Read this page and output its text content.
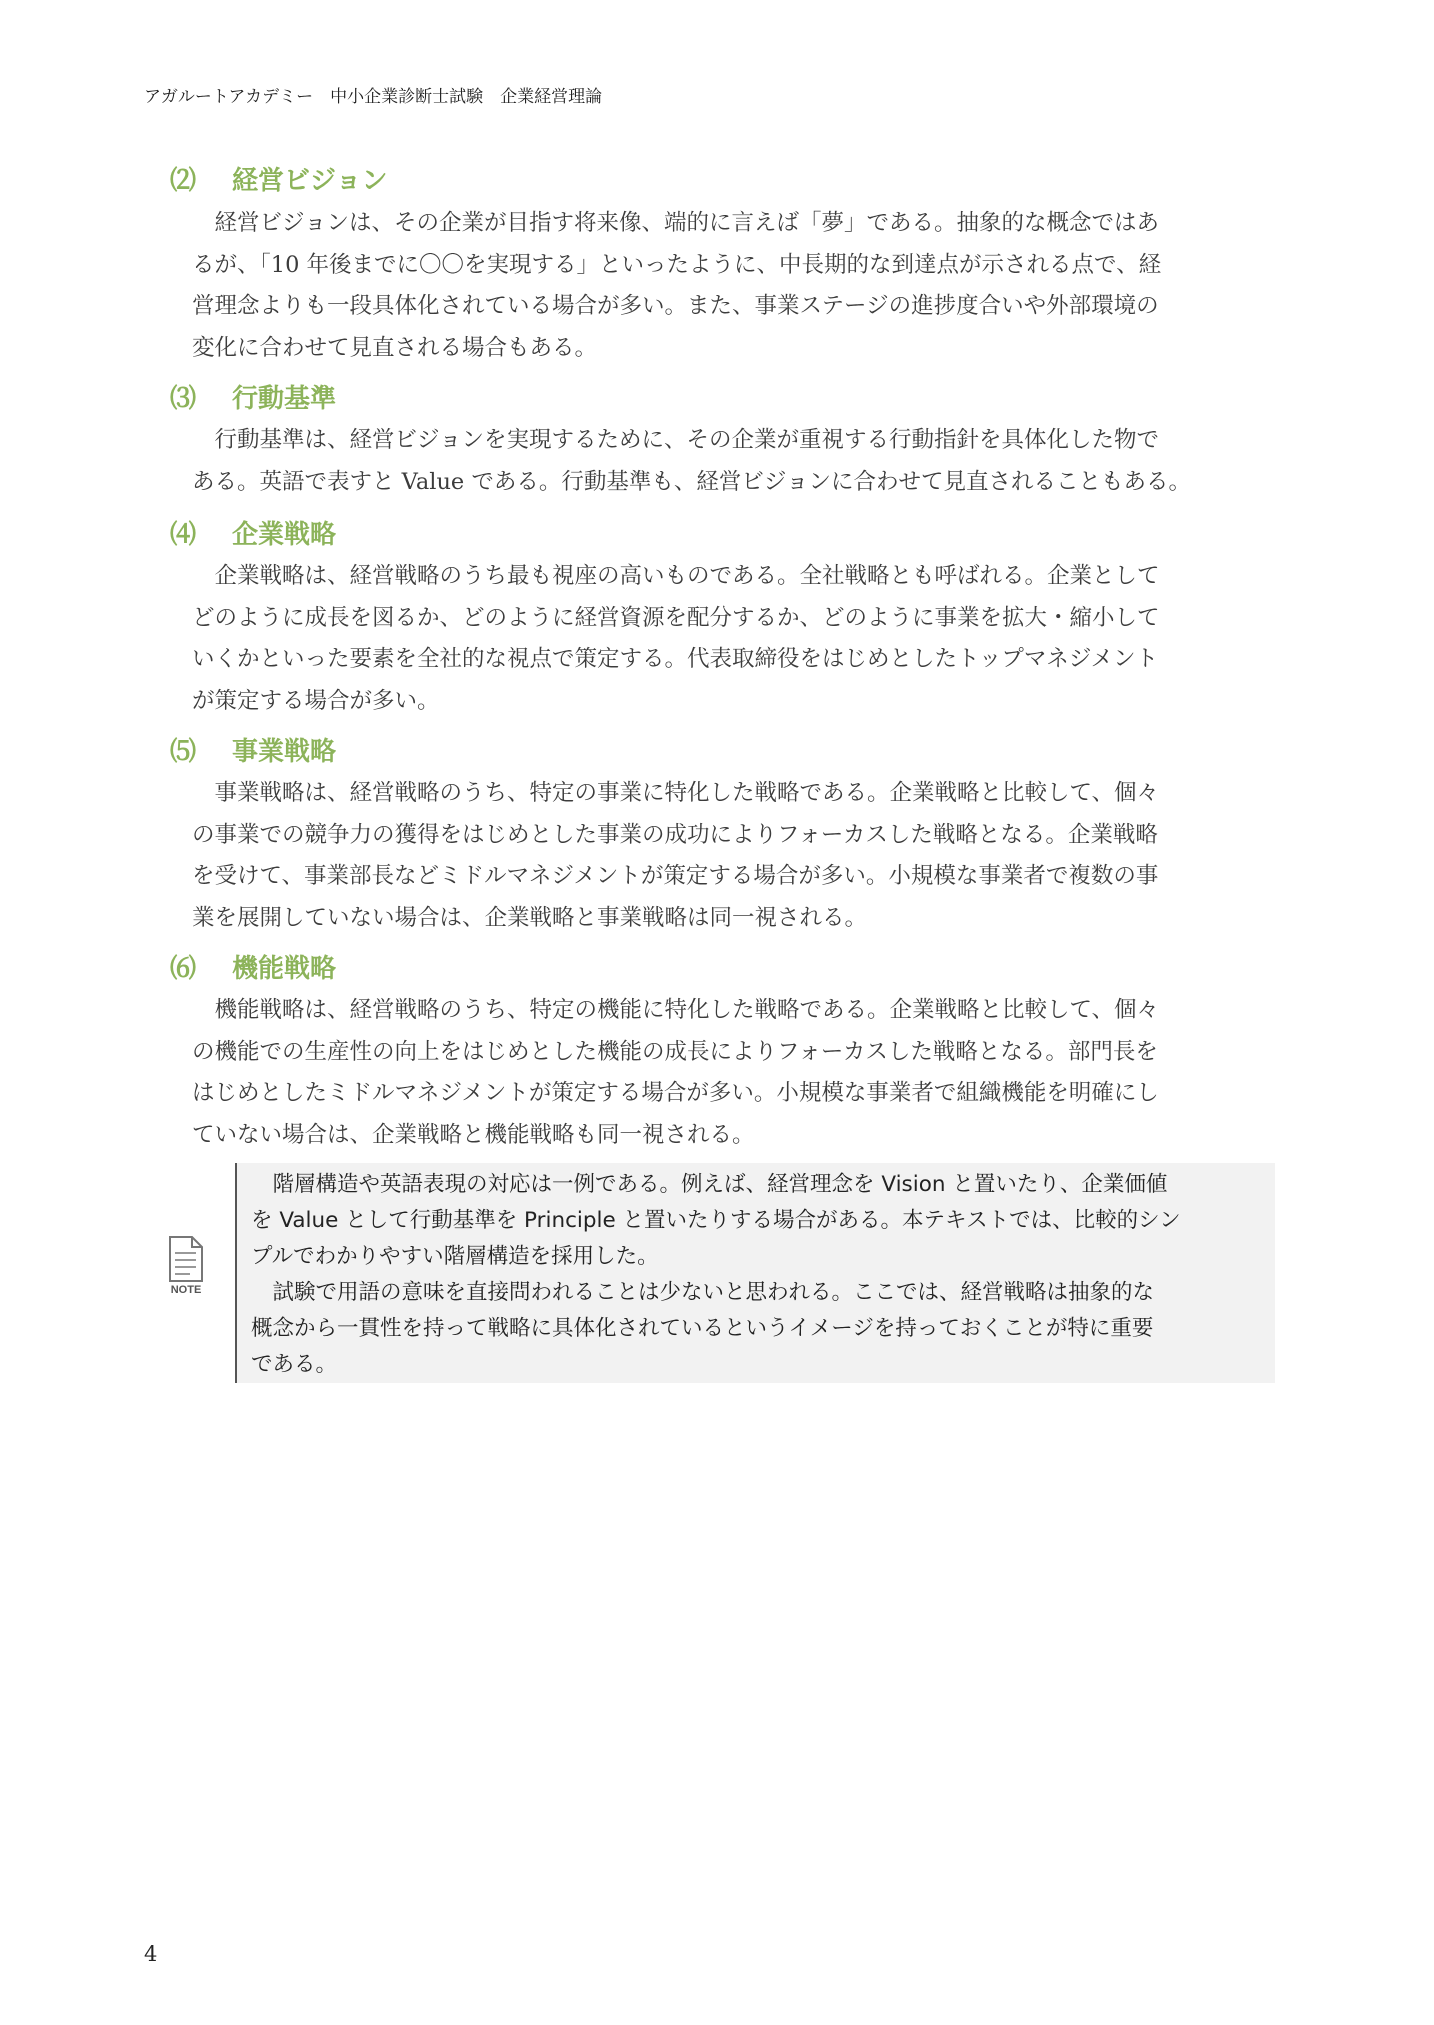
アガルートアカデミー　中小企業診断士試験　企業経営理論
⑵ 経営ビジョン
　経営ビジョンは、その企業が目指す将来像、端的に言えば「夢」である。抽象的な概念ではあ
るが、「10 年後までに〇〇を実現する」といったように、中長期的な到達点が示される点で、経
営理念よりも一段具体化されている場合が多い。また、事業ステージの進捗度合いや外部環境の
変化に合わせて見直される場合もある。
⑶ 行動基準
　行動基準は、経営ビジョンを実現するために、その企業が重視する行動指針を具体化した物で
ある。英語で表すと Value である。行動基準も、経営ビジョンに合わせて見直されることもある。
⑷ 企業戦略
　企業戦略は、経営戦略のうち最も視座の高いものである。全社戦略とも呼ばれる。企業として
どのように成長を図るか、どのように経営資源を配分するか、どのように事業を拡大・縮小して
いくかといった要素を全社的な視点で策定する。代表取締役をはじめとしたトップマネジメント
が策定する場合が多い。
⑸ 事業戦略
　事業戦略は、経営戦略のうち、特定の事業に特化した戦略である。企業戦略と比較して、個々
の事業での競争力の獲得をはじめとした事業の成功によりフォーカスした戦略となる。企業戦略
を受けて、事業部長などミドルマネジメントが策定する場合が多い。小規模な事業者で複数の事
業を展開していない場合は、企業戦略と事業戦略は同一視される。
⑹ 機能戦略
　機能戦略は、経営戦略のうち、特定の機能に特化した戦略である。企業戦略と比較して、個々
の機能での生産性の向上をはじめとした機能の成長によりフォーカスした戦略となる。部門長を
はじめとしたミドルマネジメントが策定する場合が多い。小規模な事業者で組織機能を明確にし
ていない場合は、企業戦略と機能戦略も同一視される。
NOTE
　階層構造や英語表現の対応は一例である。例えば、経営理念を Vision と置いたり、企業価値
を Value として行動基準を Principle と置いたりする場合がある。本テキストでは、比較的シン
プルでわかりやすい階層構造を採用した。
　試験で用語の意味を直接問われることは少ないと思われる。ここでは、経営戦略は抽象的な
概念から一貫性を持って戦略に具体化されているというイメージを持っておくことが特に重要
である。
4
